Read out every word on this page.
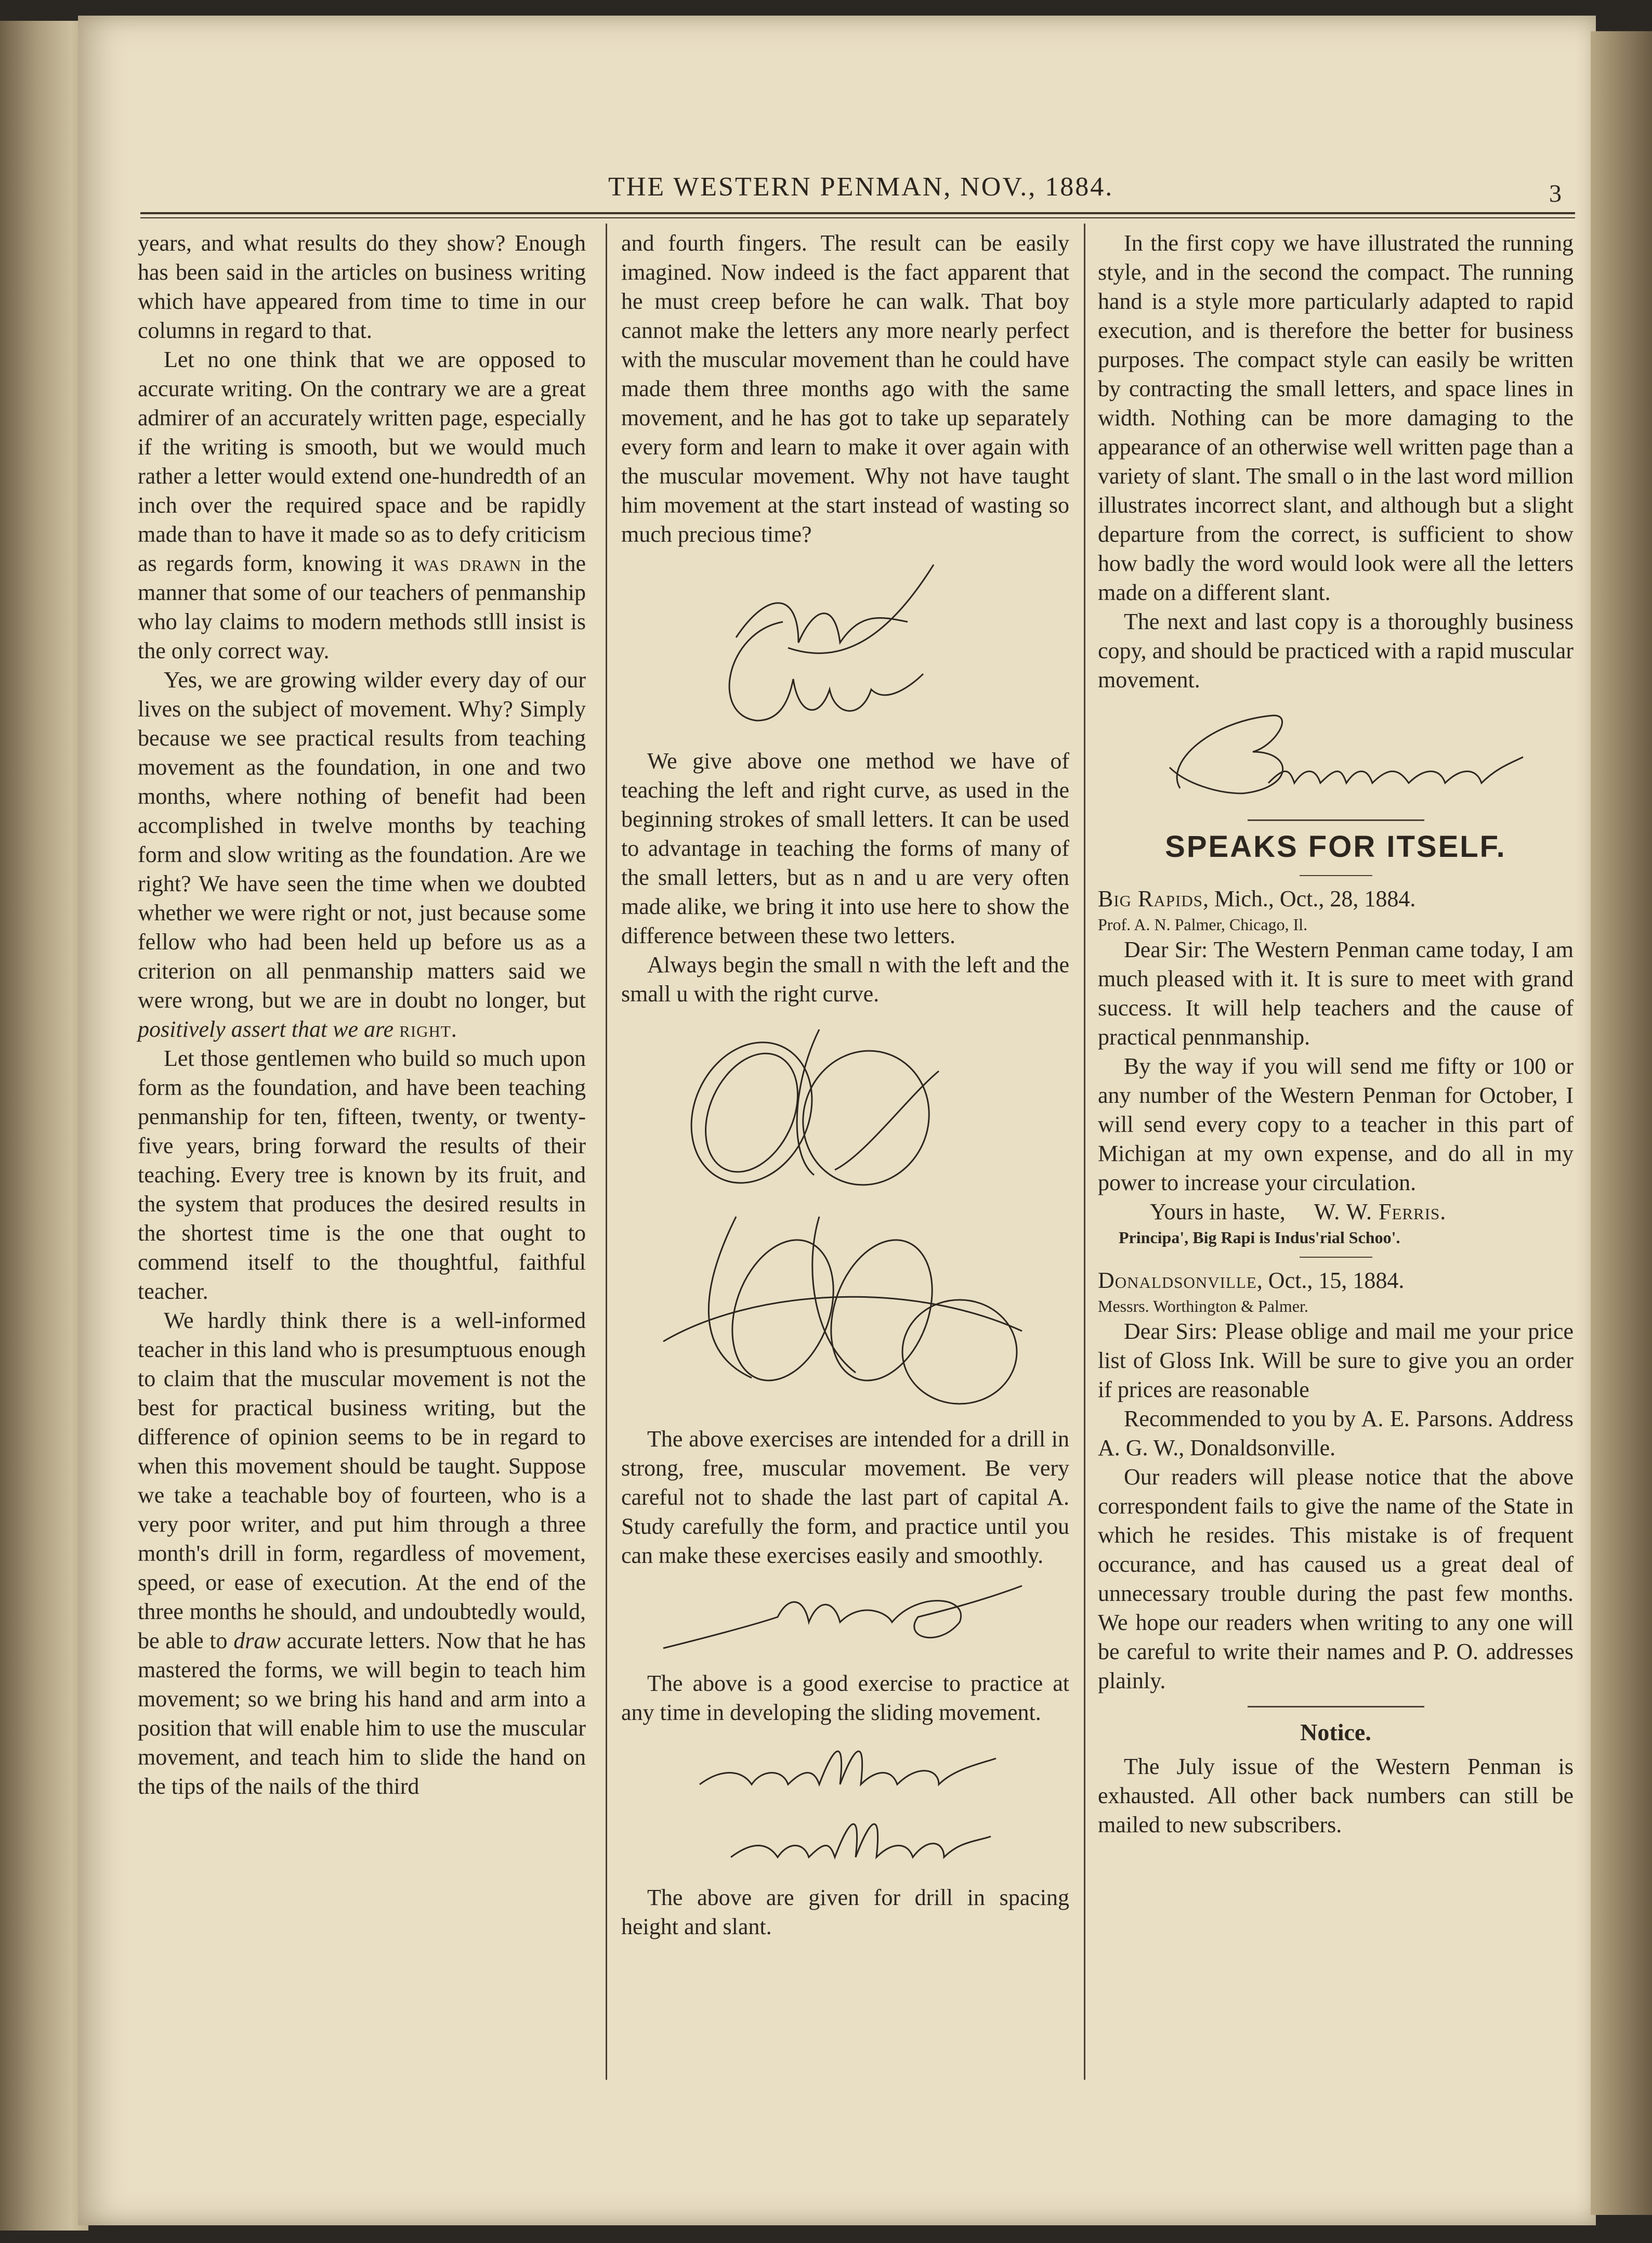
THE WESTERN PENMAN, NOV., 1884.	3

years, and what results do they show? Enough has been said in the articles on business writing which have appeared from time to time in our columns in regard to that.

Let no one think that we are opposed to accurate writing. On the contrary we are a great admirer of an accurately written page, especially if the writing is smooth, but we would much rather a letter would extend one-hundredth of an inch over the required space and be rapidly made than to have it made so as to defy criticism as regards form, knowing it was drawn in the manner that some of our teachers of penmanship who lay claims to modern methods stlll insist is the only correct way.

Yes, we are growing wilder every day of our lives on the subject of movement. Why? Simply because we see practical results from teaching movement as the foundation, in one and two months, where nothing of benefit had been accomplished in twelve months by teaching form and slow writing as the foundation. Are we right? We have seen the time when we doubted whether we were right or not, just because some fellow who had been held up before us as a criterion on all penmanship matters said we were wrong, but we are in doubt no longer, but positively assert that we are right.

Let those gentlemen who build so much upon form as the foundation, and have been teaching penmanship for ten, fifteen, twenty, or twenty-five years, bring forward the results of their teaching. Every tree is known by its fruit, and the system that produces the desired results in the shortest time is the one that ought to commend itself to the thoughtful, faithful teacher.

We hardly think there is a well-informed teacher in this land who is presumptuous enough to claim that the muscular movement is not the best for practical business writing, but the difference of opinion seems to be in regard to when this movement should be taught. Suppose we take a teachable boy of fourteen, who is a very poor writer, and put him through a three month's drill in form, regardless of movement, speed, or ease of execution. At the end of the three months he should, and undoubtedly would, be able to draw accurate letters. Now that he has mastered the forms, we will begin to teach him movement; so we bring his hand and arm into a position that will enable him to use the muscular movement, and teach him to slide the hand on the tips of the nails of the third

and fourth fingers. The result can be easily imagined. Now indeed is the fact apparent that he must creep before he can walk. That boy cannot make the letters any more nearly perfect with the muscular movement than he could have made them three months ago with the same movement, and he has got to take up separately every form and learn to make it over again with the muscular movement. Why not have taught him movement at the start instead of wasting so much precious time?

We give above one method we have of teaching the left and right curve, as used in the beginning strokes of small letters. It can be used to advantage in teaching the forms of many of the small letters, but as n and u are very often made alike, we bring it into use here to show the difference between these two letters.

Always begin the small n with the left and the small u with the right curve.

The above exercises are intended for a drill in strong, free, muscular movement. Be very careful not to shade the last part of capital A. Study carefully the form, and practice until you can make these exercises easily and smoothly.

The above is a good exercise to practice at any time in developing the sliding movement.

The above are given for drill in spacing height and slant.

In the first copy we have illustrated the running style, and in the second the compact. The running hand is a style more particularly adapted to rapid execution, and is therefore the better for business purposes. The compact style can easily be written by contracting the small letters, and space lines in width. Nothing can be more damaging to the appearance of an otherwise well written page than a variety of slant. The small o in the last word million illustrates incorrect slant, and although but a slight departure from the correct, is sufficient to show how badly the word would look were all the letters made on a different slant.

The next and last copy is a thoroughly business copy, and should be practiced with a rapid muscular movement.

SPEAKS FOR ITSELF.

Big Rapids, Mich., Oct., 28, 1884.

Prof. A. N. Palmer, Chicago, Il.

Dear Sir: The Western Penman came today, I am much pleased with it. It is sure to meet with grand success. It will help teachers and the cause of practical pennmanship.

By the way if you will send me fifty or 100 or any number of the Western Penman for October, I will send every copy to a teacher in this part of Michigan at my own expense, and do all in my power to increase your circulation.

Yours in haste, W. W. Ferris.

Principa', Big Rapi is Indus'rial Schoo'.

Donaldsonville, Oct., 15, 1884.

Messrs. Worthington & Palmer.

Dear Sirs: Please oblige and mail me your price list of Gloss Ink. Will be sure to give you an order if prices are reasonable

Recommended to you by A. E. Parsons. Address A. G. W., Donaldsonville.

Our readers will please notice that the above correspondent fails to give the name of the State in which he resides. This mistake is of frequent occurance, and has caused us a great deal of unnecessary trouble during the past few months. We hope our readers when writing to any one will be careful to write their names and P. O. addresses plainly.

Notice.

The July issue of the Western Penman is exhausted. All other back numbers can still be mailed to new subscribers.
